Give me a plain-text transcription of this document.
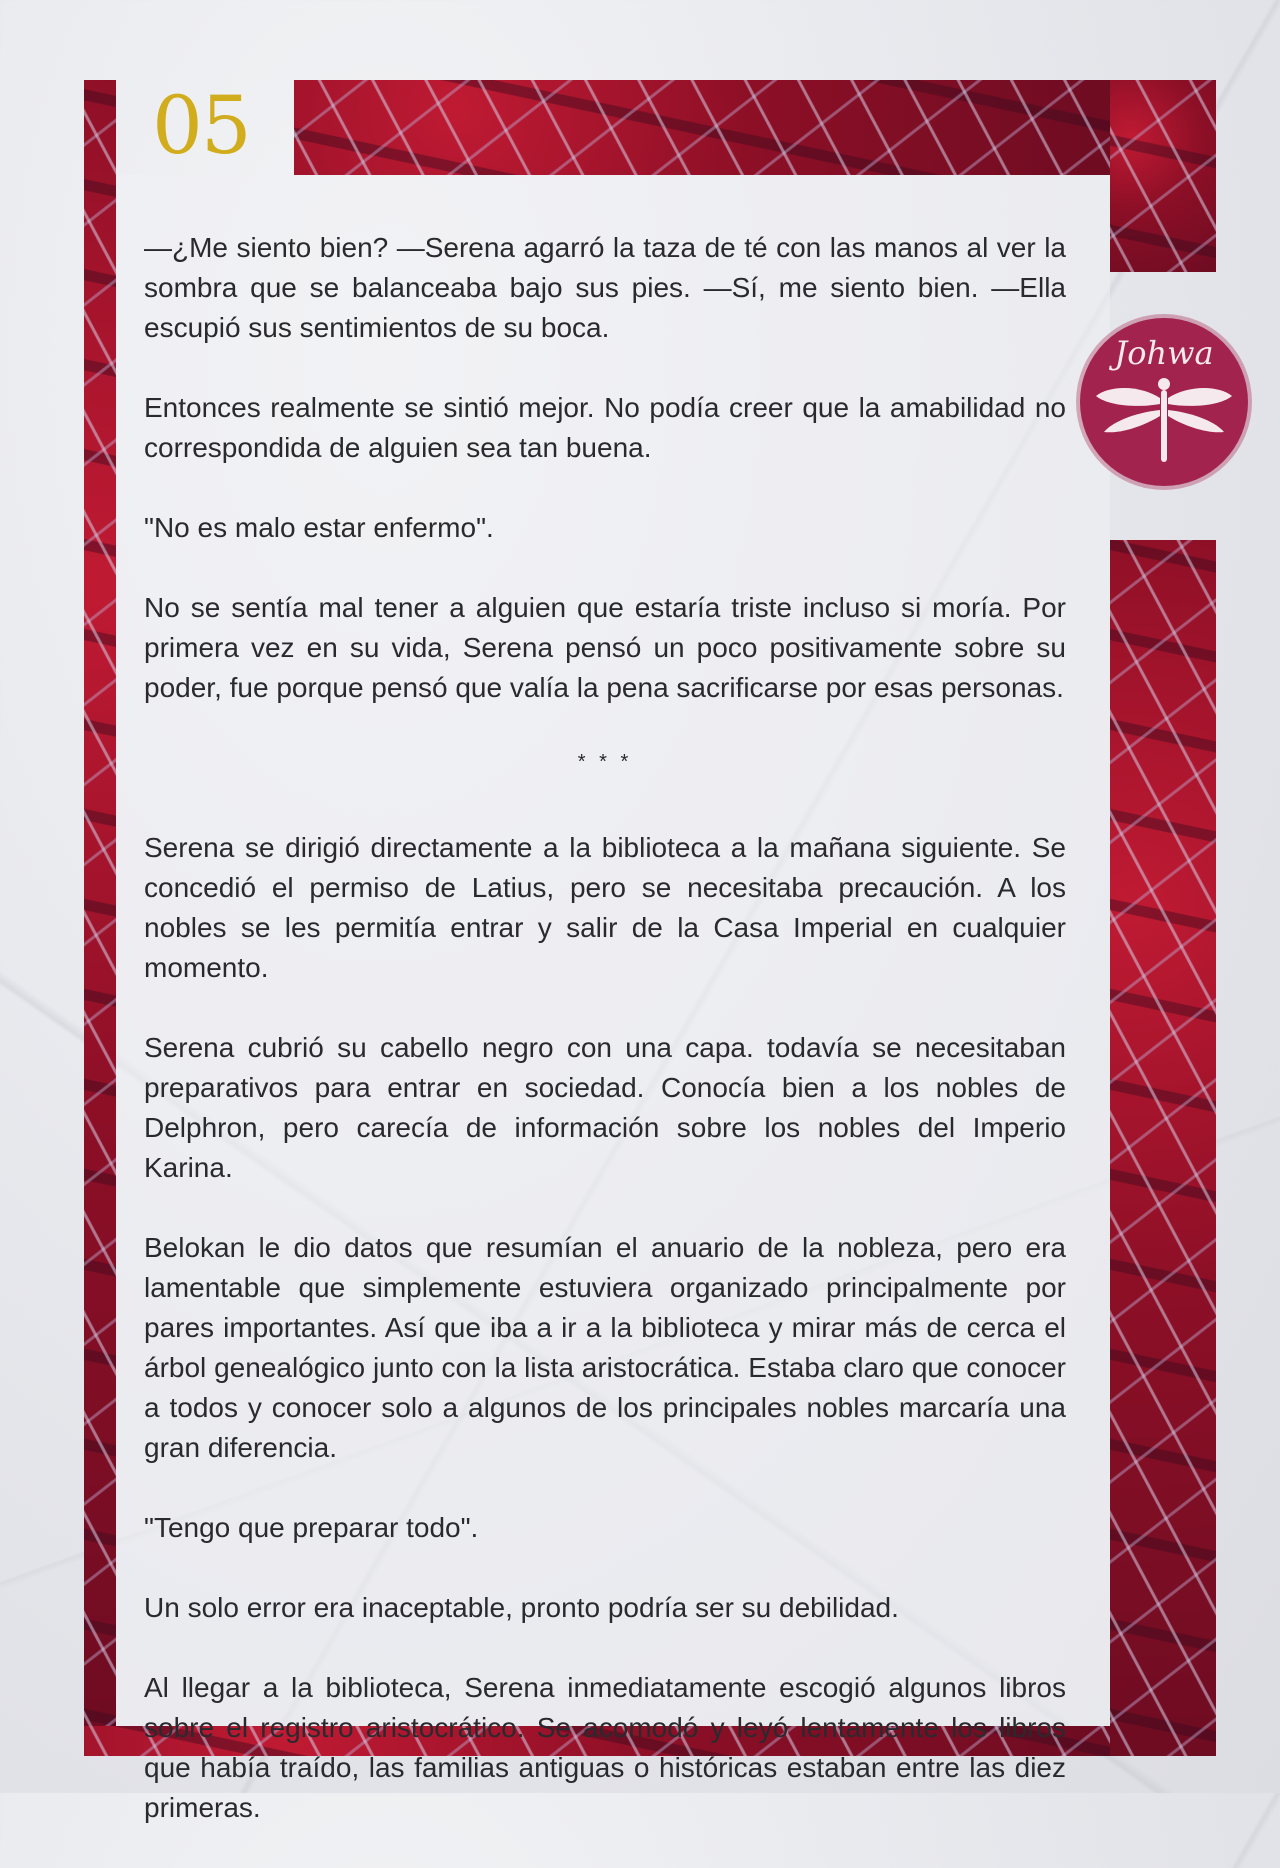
05
Johwa

—¿Me siento bien? —Serena agarró la taza de té con las manos al ver la sombra que se balanceaba bajo sus pies. —Sí, me siento bien. —Ella escupió sus sentimientos de su boca.

Entonces realmente se sintió mejor. No podía creer que la amabilidad no correspondida de alguien sea tan buena.

"No es malo estar enfermo".

No se sentía mal tener a alguien que estaría triste incluso si moría. Por primera vez en su vida, Serena pensó un poco positivamente sobre su poder, fue porque pensó que valía la pena sacrificarse por esas personas.

* * *

Serena se dirigió directamente a la biblioteca a la mañana siguiente. Se concedió el permiso de Latius, pero se necesitaba precaución. A los nobles se les permitía entrar y salir de la Casa Imperial en cualquier momento.

Serena cubrió su cabello negro con una capa. todavía se necesitaban preparativos para entrar en sociedad. Conocía bien a los nobles de Delphron, pero carecía de información sobre los nobles del Imperio Karina.

Belokan le dio datos que resumían el anuario de la nobleza, pero era lamentable que simplemente estuviera organizado principalmente por pares importantes. Así que iba a ir a la biblioteca y mirar más de cerca el árbol genealógico junto con la lista aristocrática. Estaba claro que conocer a todos y conocer solo a algunos de los principales nobles marcaría una gran diferencia.

"Tengo que preparar todo".

Un solo error era inaceptable, pronto podría ser su debilidad.

Al llegar a la biblioteca, Serena inmediatamente escogió algunos libros sobre el registro aristocrático. Se acomodó y leyó lentamente los libros que había traído, las familias antiguas o históricas estaban entre las diez primeras.
